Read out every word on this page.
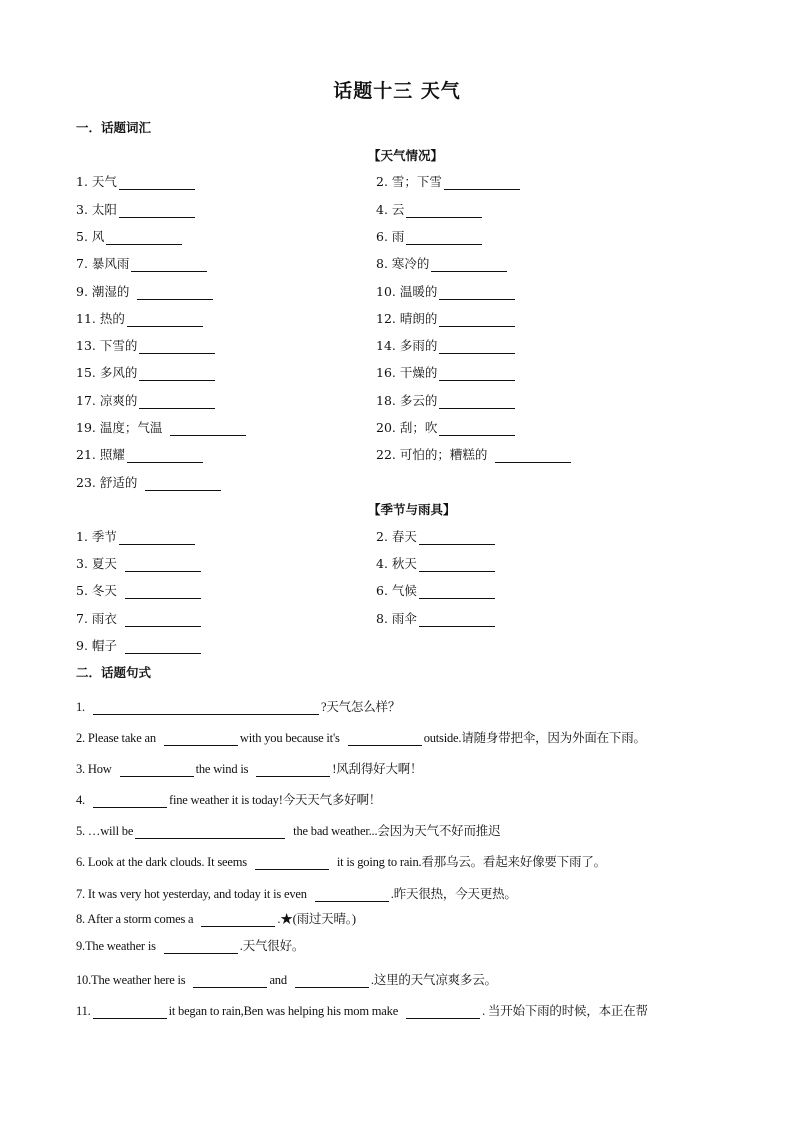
话题十三 天气
一．话题词汇
【天气情况】
1. 天气	2. 雪；下雪
3. 太阳	4. 云
5. 风	6. 雨
7. 暴风雨	8. 寒冷的
9. 潮湿的	10. 温暖的
11. 热的	12. 晴朗的
13. 下雪的	14. 多雨的
15. 多风的	16. 干燥的
17. 凉爽的	18. 多云的
19. 温度；气温	20. 刮；吹
21. 照耀	22. 可怕的；糟糕的
23. 舒适的
【季节与雨具】
1. 季节	2. 春天
3. 夏天	4. 秋天
5. 冬天	6. 气候
7. 雨衣	8. 雨伞
9. 帽子
二．话题句式
1.	?天气怎么样？
2. Please take an	with you because it's	outside.请随身带把伞，因为外面在下雨。
3. How	the wind is	!风刮得好大啊！
4.	fine weather it is today!今天天气多好啊！
5. …will be	the bad weather...会因为天气不好而推迟
6. Look at the dark clouds. It seems	it is going to rain.看那乌云。看起来好像要下雨了。
7. It was very hot yesterday, and today it is even	.昨天很热，今天更热。
8. After a storm comes a	.★(雨过天晴。)
9.The weather is	.天气很好。
10.The weather here is	and	.这里的天气凉爽多云。
11.	it began to rain,Ben was helping his mom make	. 当开始下雨的时候，本正在帮
